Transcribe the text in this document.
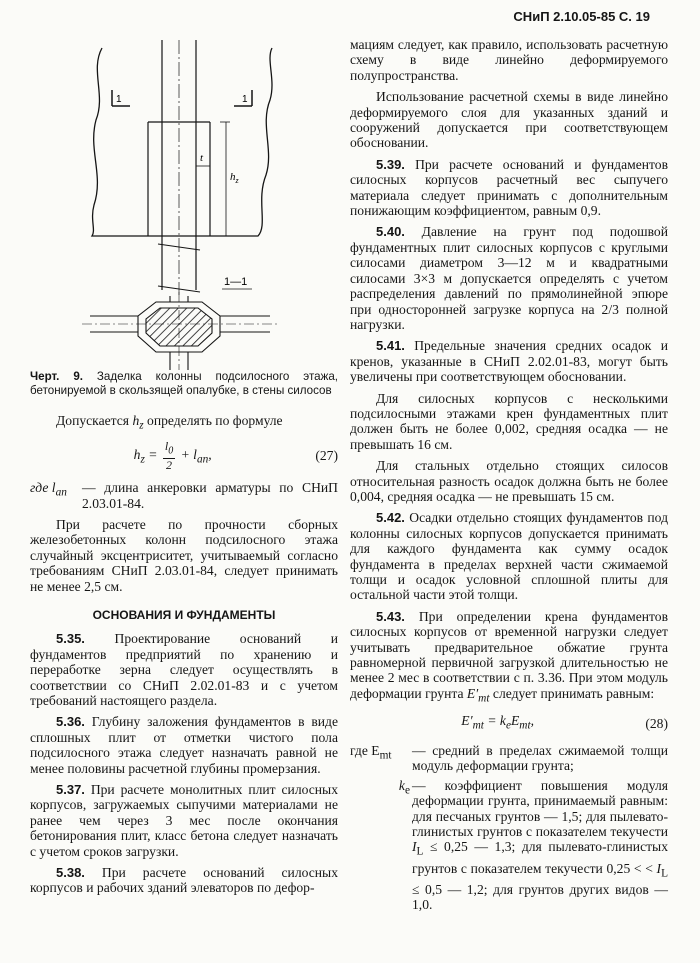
СНиП 2.10.05-85 С. 19
t
$h_z$
1	1
1—1

Черт. 9. Заделка колонны подсилосного этажа, бетонируемой в скользящей опалубке, в стены силосов

Допускается $h_z$ определять по формуле

$h_z = \frac{l_0}{2} + l_{an}$,	(27)
где $l_{an}$	— длина анкеровки арматуры по СНиП 2.03.01-84.

При расчете по прочности сборных железобетонных колонн подсилосного этажа случайный эксцентриситет, учитываемый согласно требованиям СНиП 2.03.01-84, следует принимать не менее 2,5 см.

ОСНОВАНИЯ И ФУНДАМЕНТЫ

5.35. Проектирование оснований и фундаментов предприятий по хранению и переработке зерна следует осуществлять в соответствии со СНиП 2.02.01-83 и с учетом требований настоящего раздела.

5.36. Глубину заложения фундаментов в виде сплошных плит от отметки чистого пола подсилосного этажа следует назначать равной не менее половины расчетной глубины промерзания.

5.37. При расчете монолитных плит силосных корпусов, загружаемых сыпучими материалами не ранее чем через 3 мес после окончания бетонирования плит, класс бетона следует назначать с учетом сроков загрузки.

5.38. При расчете оснований силосных корпусов и рабочих зданий элеваторов по дефор-

мациям следует, как правило, использовать расчетную схему в виде линейно деформируемого полупространства.

Использование расчетной схемы в виде линейно деформируемого слоя для указанных зданий и сооружений допускается при соответствующем обосновании.

5.39. При расчете оснований и фундаментов силосных корпусов расчетный вес сыпучего материала следует принимать с дополнительным понижающим коэффициентом, равным 0,9.

5.40. Давление на грунт под подошвой фундаментных плит силосных корпусов с круглыми силосами диаметром 3—12 м и квадратными силосами 3×3 м допускается определять с учетом распределения давлений по прямолинейной эпюре при односторонней загрузке корпуса на 2/3 полной нагрузки.

5.41. Предельные значения средних осадок и кренов, указанные в СНиП 2.02.01-83, могут быть увеличены при соответствующем обосновании.

Для силосных корпусов с несколькими подсилосными этажами крен фундаментных плит должен быть не более 0,002, средняя осадка — не превышать 16 см.

Для стальных отдельно стоящих силосов относительная разность осадок должна быть не более 0,004, средняя осадка — не превышать 15 см.

5.42. Осадки отдельно стоящих фундаментов под колонны силосных корпусов допускается принимать для каждого фундамента как сумму осадок фундамента в пределах верхней части сжимаемой толщи и осадок условной сплошной плиты для остальной части этой толщи.

5.43. При определении крена фундаментов силосных корпусов от временной нагрузки следует учитывать предварительное обжатие грунта равномерной первичной загрузкой длительностью не менее 2 мес в соответствии с п. 3.36. При этом модуль деформации грунта $E'_{mt}$ следует принимать равным:

$E'_{mt} = k_eE_{mt}$,	(28)
где $E_{mt}$	— средний в пределах сжимаемой толщи модуль деформации грунта;
$k_e$ — коэффициент повышения модуля деформации грунта, принимаемый равным: для песчаных грунтов — 1,5; для пылевато-глинистых грунтов с показателем текучести $I_L \le 0,25$ — 1,3; для пылевато-глинистых грунтов с показателем текучести 0,25 < < $I_L \le 0,5$ — 1,2; для грунтов других видов — 1,0.
